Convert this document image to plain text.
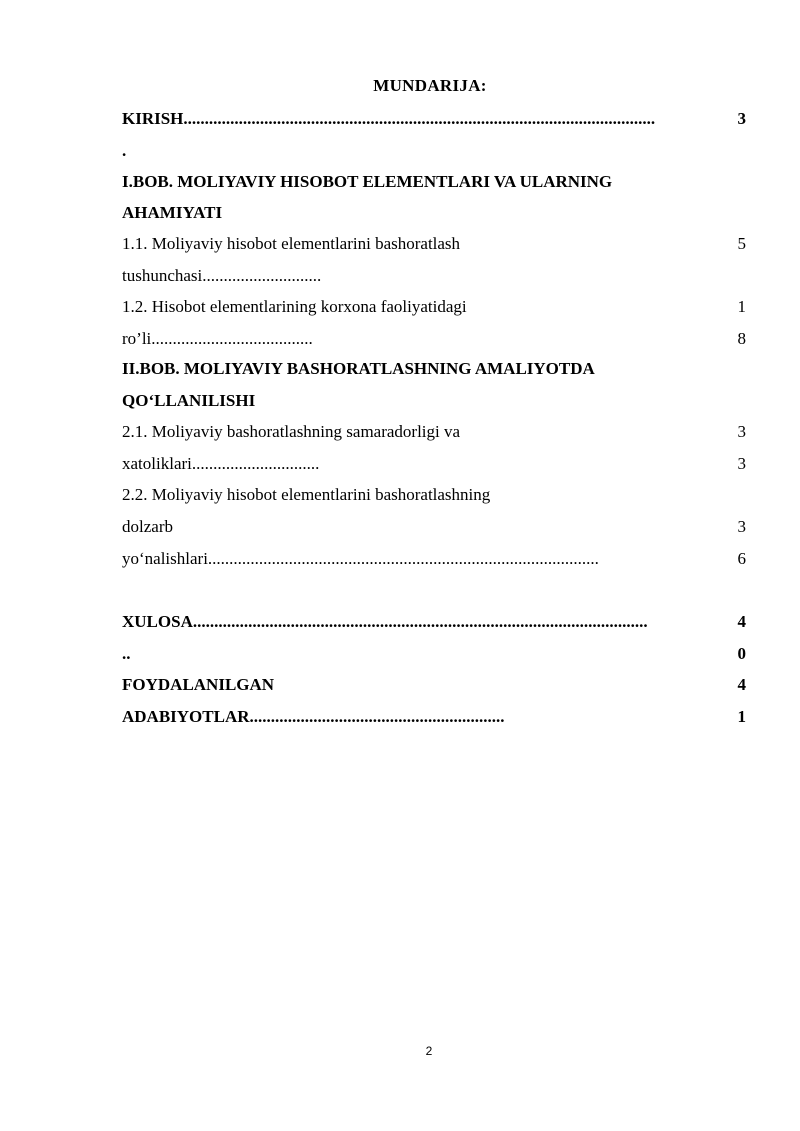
MUNDARIJA:
KIRISH...............................................................................................................	3
.
I.BOB. MOLIYAVIY HISOBOT ELEMENTLARI VA ULARNING
AHAMIYATI
1.1. Moliyaviy hisobot elementlarini bashoratlash	5
tushunchasi............................
1.2. Hisobot elementlarining korxona faoliyatidagi	1
ro’li......................................	8
II.BOB. MOLIYAVIY BASHORATLASHNING AMALIYOTDA
QO‘LLANILISHI
2.1. Moliyaviy bashoratlashning samaradorligi va	3
xatoliklari..............................	3
2.2. Moliyaviy hisobot elementlarini bashoratlashning
dolzarb	3
yo‘nalishlari............................................................................................	6
XULOSA...........................................................................................................	4
..	0
FOYDALANILGAN	4
ADABIYOTLAR............................................................	1
2
